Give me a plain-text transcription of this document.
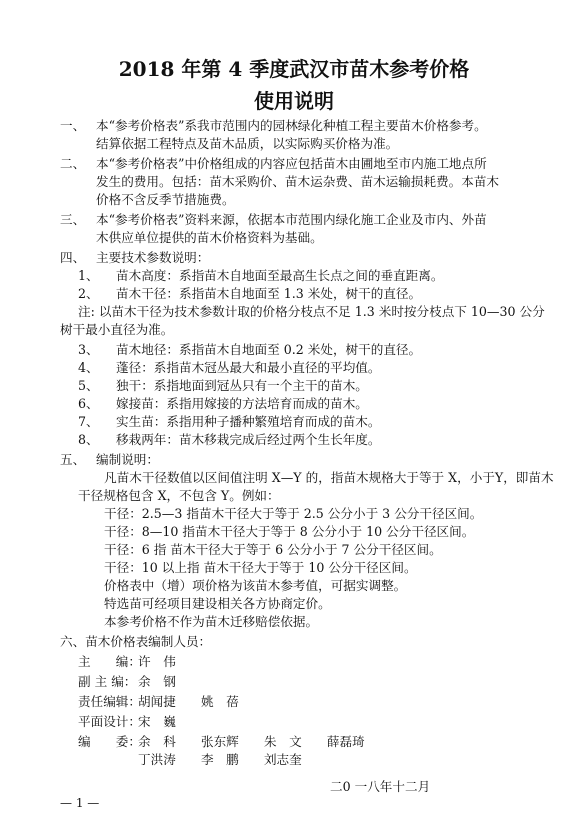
2018 年第 4 季度武汉市苗木参考价格
使用说明
一、 本“参考价格表”系我市范围内的园林绿化种植工程主要苗木价格参考。
结算依据工程特点及苗木品质，以实际购买价格为准。
二、 本“参考价格表”中价格组成的内容应包括苗木由圃地至市内施工地点所
发生的费用。包括：苗木采购价、苗木运杂费、苗木运输损耗费。本苗木
价格不含反季节措施费。
三、 本“参考价格表”资料来源，依据本市范围内绿化施工企业及市内、外苗
木供应单位提供的苗木价格资料为基础。
四、 主要技术参数说明：
1、 苗木高度：系指苗木自地面至最高生长点之间的垂直距离。
2、 苗木干径：系指苗木自地面至 1.3 米处，树干的直径。
注: 以苗木干径为技术参数计取的价格分枝点不足 1.3 米时按分枝点下 10—30 公分
树干最小直径为准。
3、 苗木地径：系指苗木自地面至 0.2 米处，树干的直径。
4、 蓬径：系指苗木冠丛最大和最小直径的平均值。
5、 独干：系指地面到冠丛只有一个主干的苗木。
6、 嫁接苗：系指用嫁接的方法培育而成的苗木。
7、 实生苗：系指用种子播种繁殖培育而成的苗木。
8、 移栽两年：苗木移栽完成后经过两个生长年度。
五、 编制说明：
凡苗木干径数值以区间值注明 X—Y 的，指苗木规格大于等于 X，小于Y，即苗木
干径规格包含 X，不包含 Y。例如：
干径：2.5—3 指苗木干径大于等于 2.5 公分小于 3 公分干径区间。
干径：8—10 指苗木干径大于等于 8 公分小于 10 公分干径区间。
干径：6 指 苗木干径大于等于 6 公分小于 7 公分干径区间。
干径：10 以上指 苗木干径大于等于 10 公分干径区间。
价格表中（增）项价格为该苗木参考值，可据实调整。
特选苗可经项目建设相关各方协商定价。
本参考价格不作为苗木迁移赔偿依据。
六、苗木价格表编制人员：
主　　编：许　伟
副 主 编： 余　钢
责任编辑：胡闻捷　　姚　蓓
平面设计：宋　巍
编　　委：余　科　　张东辉　　朱　文　　薛磊琦
丁洪涛　　李　鹏　　刘志奎
二0 一八年十二月
— 1 —
